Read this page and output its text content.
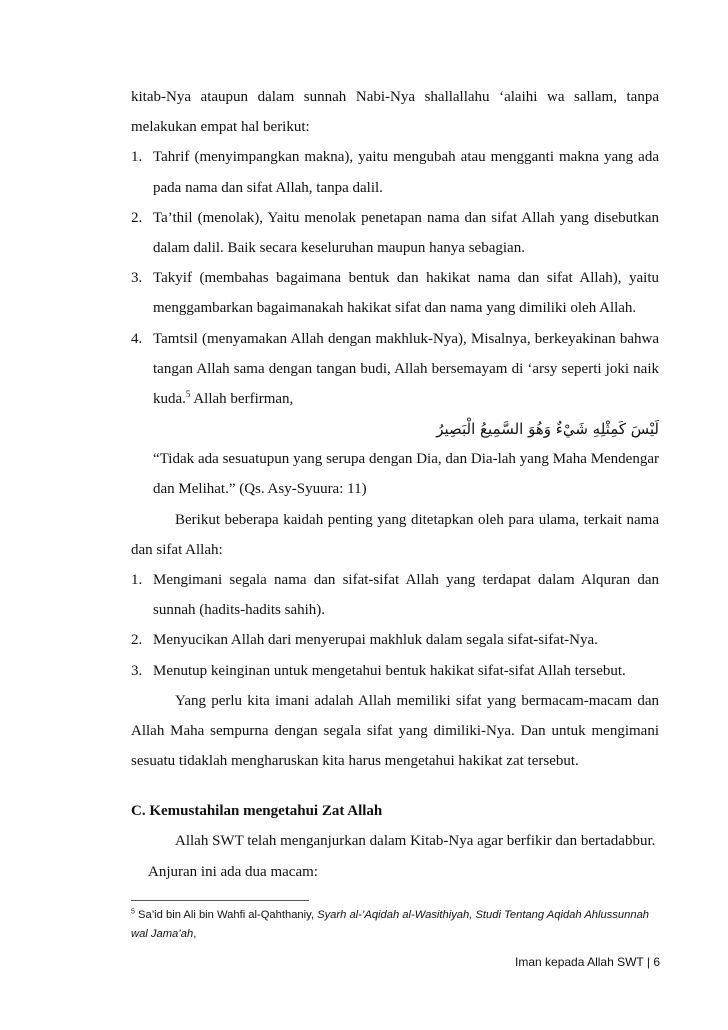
kitab-Nya ataupun dalam sunnah Nabi-Nya shallallahu ‘alaihi wa sallam, tanpa melakukan empat hal berikut:

1. Tahrif (menyimpangkan makna), yaitu mengubah atau mengganti makna yang ada pada nama dan sifat Allah, tanpa dalil.
2. Ta’thil (menolak), Yaitu menolak penetapan nama dan sifat Allah yang disebutkan dalam dalil. Baik secara keseluruhan maupun hanya sebagian.
3. Takyif (membahas bagaimana bentuk dan hakikat nama dan sifat Allah), yaitu menggambarkan bagaimanakah hakikat sifat dan nama yang dimiliki oleh Allah.
4. Tamtsil (menyamakan Allah dengan makhluk-Nya), Misalnya, berkeyakinan bahwa tangan Allah sama dengan tangan budi, Allah bersemayam di ‘arsy seperti joki naik kuda.$^5$ Allah berfirman,
لَيْسَ كَمِثْلِهِ شَيْءٌ وَهُوَ السَّمِيعُ الْبَصِيرُ
“Tidak ada sesuatupun yang serupa dengan Dia, dan Dia-lah yang Maha Mendengar dan Melihat.” (Qs. Asy-Syuura: 11)

Berikut beberapa kaidah penting yang ditetapkan oleh para ulama, terkait nama dan sifat Allah:

1. Mengimani segala nama dan sifat-sifat Allah yang terdapat dalam Alquran dan sunnah (hadits-hadits sahih).
2. Menyucikan Allah dari menyerupai makhluk dalam segala sifat-sifat-Nya.
3. Menutup keinginan untuk mengetahui bentuk hakikat sifat-sifat Allah tersebut.

Yang perlu kita imani adalah Allah memiliki sifat yang bermacam-macam dan Allah Maha sempurna dengan segala sifat yang dimiliki-Nya. Dan untuk mengimani sesuatu tidaklah mengharuskan kita harus mengetahui hakikat zat tersebut.

C. Kemustahilan mengetahui Zat Allah

Allah SWT telah menganjurkan dalam Kitab-Nya agar berfikir dan bertadabbur.

Anjuran ini ada dua macam:

$^5$ Sa’id bin Ali bin Wahfi al-Qahthaniy, Syarh al-’Aqidah al-Wasithiyah, Studi Tentang Aqidah Ahlussunnah wal Jama’ah,
Iman kepada Allah SWT | 6
